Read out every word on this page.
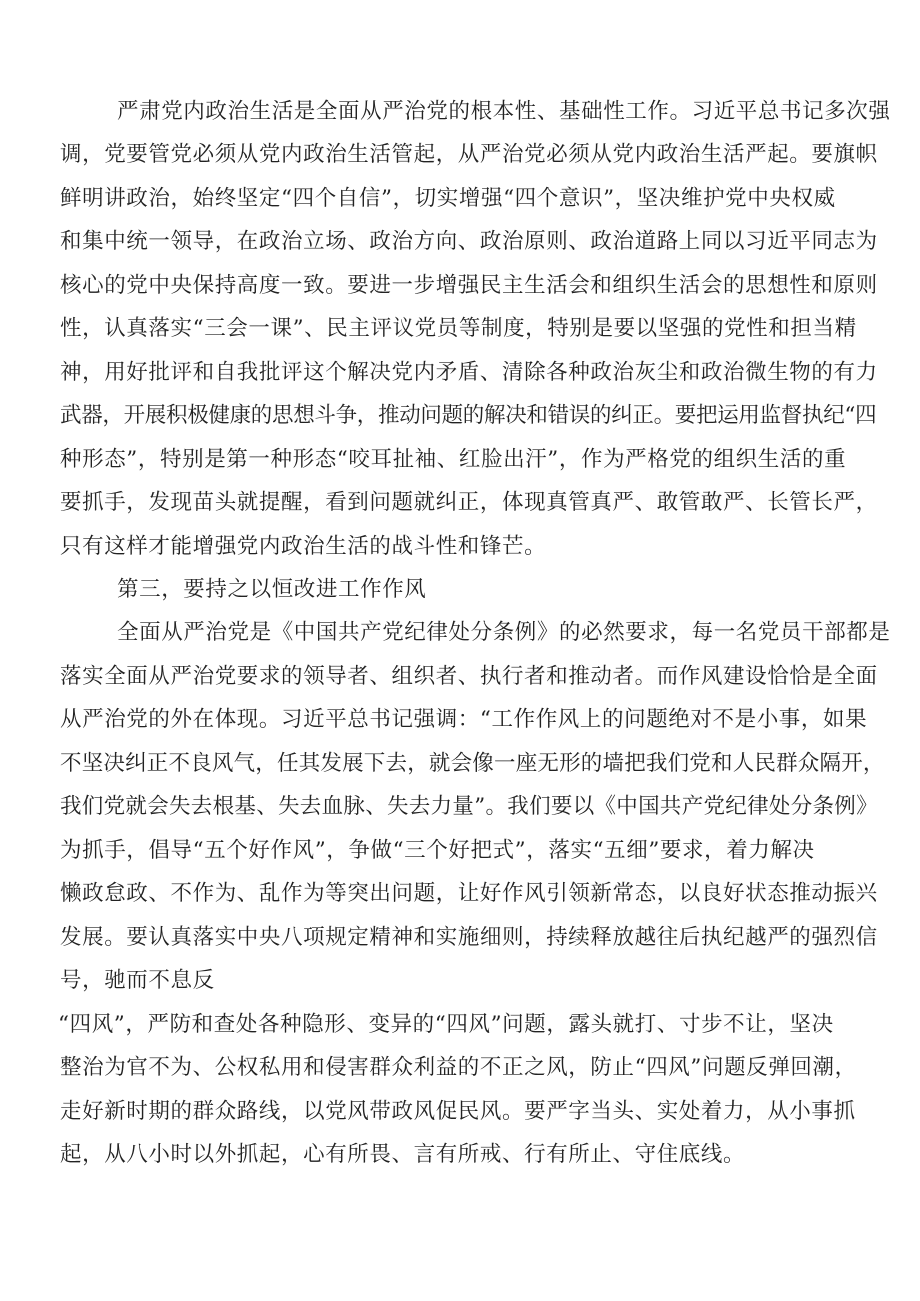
严肃党内政治生活是全面从严治党的根本性、基础性工作。习近平总书记多次强
调，党要管党必须从党内政治生活管起，从严治党必须从党内政治生活严起。要旗帜
鲜明讲政治，始终坚定“四个自信”，切实增强“四个意识”，坚决维护党中央权威
和集中统一领导，在政治立场、政治方向、政治原则、政治道路上同以习近平同志为
核心的党中央保持高度一致。要进一步增强民主生活会和组织生活会的思想性和原则
性，认真落实“三会一课”、民主评议党员等制度，特别是要以坚强的党性和担当精
神，用好批评和自我批评这个解决党内矛盾、清除各种政治灰尘和政治微生物的有力
武器，开展积极健康的思想斗争，推动问题的解决和错误的纠正。要把运用监督执纪“四
种形态”，特别是第一种形态“咬耳扯袖、红脸出汗”，作为严格党的组织生活的重
要抓手，发现苗头就提醒，看到问题就纠正，体现真管真严、敢管敢严、长管长严，
只有这样才能增强党内政治生活的战斗性和锋芒。
第三，要持之以恒改进工作作风
全面从严治党是《中国共产党纪律处分条例》的必然要求，每一名党员干部都是
落实全面从严治党要求的领导者、组织者、执行者和推动者。而作风建设恰恰是全面
从严治党的外在体现。习近平总书记强调：“工作作风上的问题绝对不是小事，如果
不坚决纠正不良风气，任其发展下去，就会像一座无形的墙把我们党和人民群众隔开，
我们党就会失去根基、失去血脉、失去力量”。我们要以《中国共产党纪律处分条例》
为抓手，倡导“五个好作风”，争做“三个好把式”，落实“五细”要求，着力解决
懒政怠政、不作为、乱作为等突出问题，让好作风引领新常态，以良好状态推动振兴
发展。要认真落实中央八项规定精神和实施细则，持续释放越往后执纪越严的强烈信
号，驰而不息反
“四风”，严防和查处各种隐形、变异的“四风”问题，露头就打、寸步不让，坚决
整治为官不为、公权私用和侵害群众利益的不正之风，防止“四风”问题反弹回潮，
走好新时期的群众路线，以党风带政风促民风。要严字当头、实处着力，从小事抓
起，从八小时以外抓起，心有所畏、言有所戒、行有所止、守住底线。
